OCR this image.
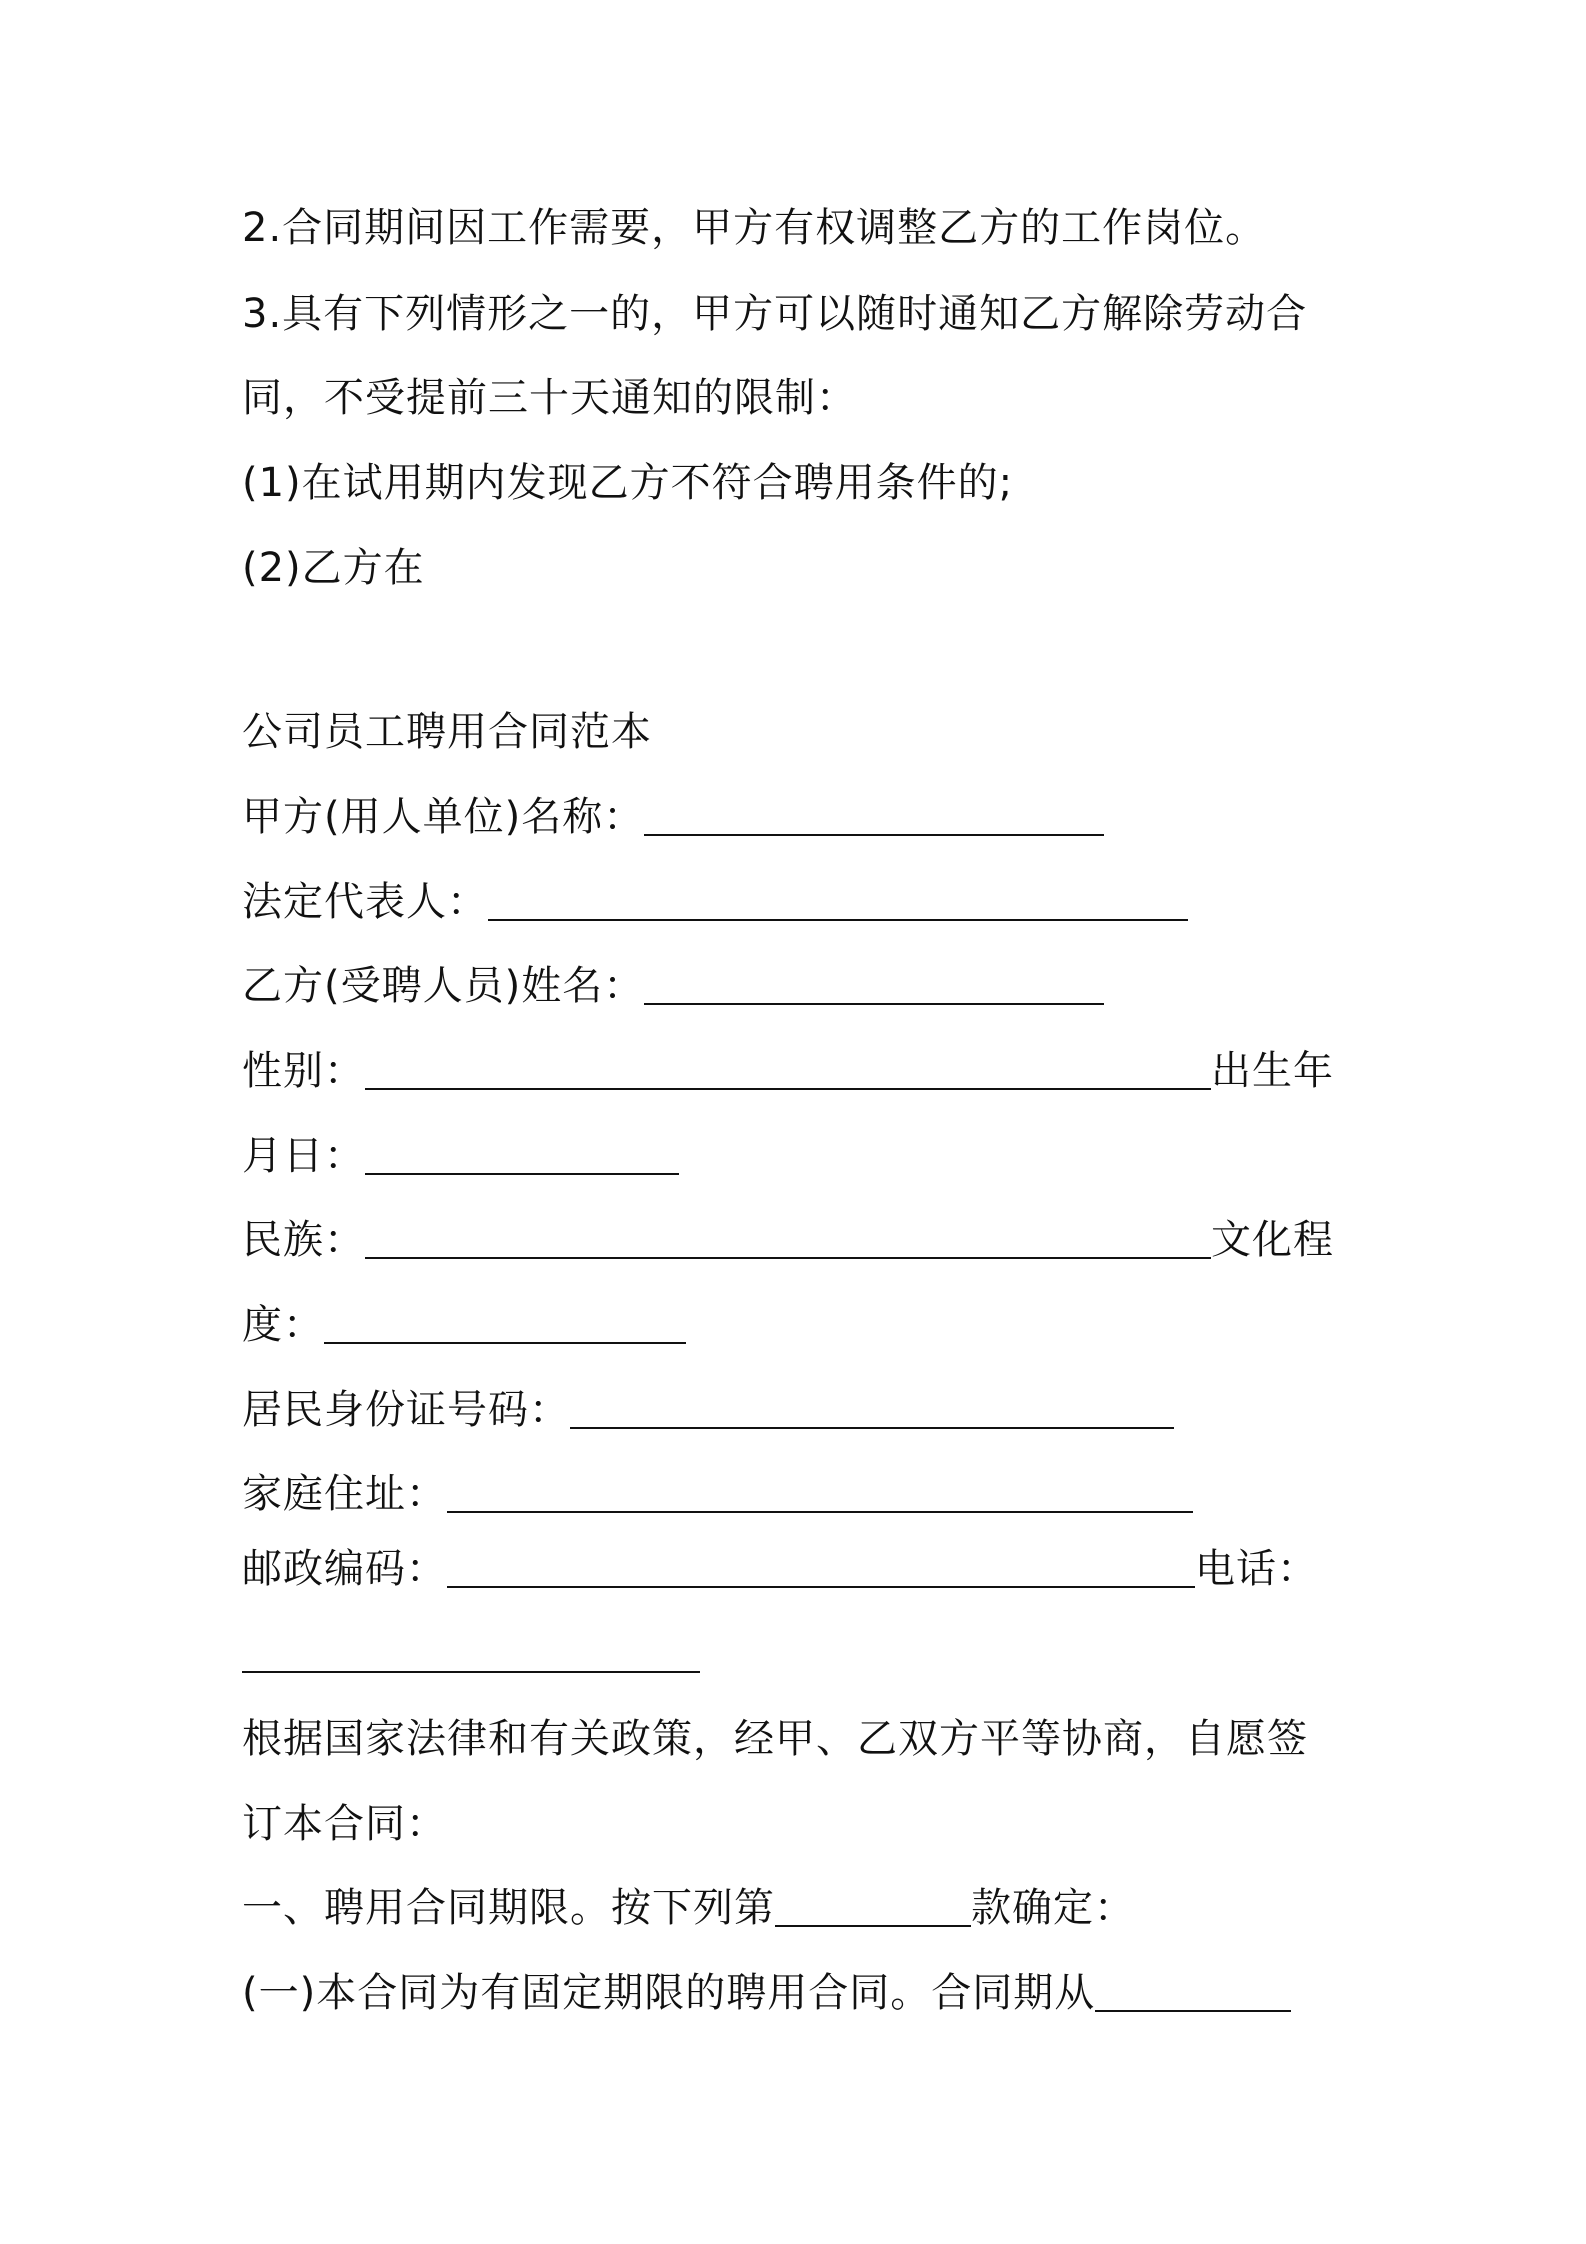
2.合同期间因工作需要，甲方有权调整乙方的工作岗位。
3.具有下列情形之一的，甲方可以随时通知乙方解除劳动合
同，不受提前三十天通知的限制：
(1)在试用期内发现乙方不符合聘用条件的;
(2)乙方在
公司员工聘用合同范本
甲方(用人单位)名称：
法定代表人：
乙方(受聘人员)姓名：
性别：	出生年
月日：
民族：	文化程
度：
居民身份证号码：
家庭住址：
邮政编码：	电话：
根据国家法律和有关政策，经甲、乙双方平等协商，自愿签
订本合同：
一、聘用合同期限。按下列第	款确定：
(一)本合同为有固定期限的聘用合同。合同期从
